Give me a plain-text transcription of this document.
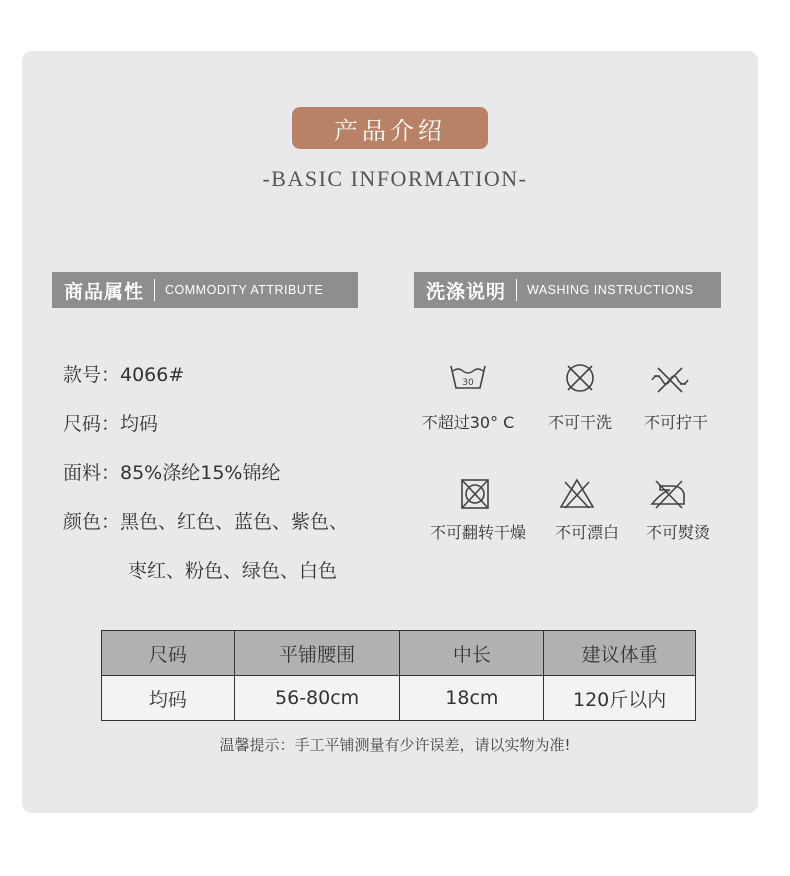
产品介绍
-BASIC INFORMATION-
商品属性 COMMODITY ATTRIBUTE	洗涤说明 WASHING INSTRUCTIONS
款号：4066#
尺码：均码
面料：85%涤纶15%锦纶
颜色：黑色、红色、蓝色、紫色、
枣红、粉色、绿色、白色
30
不超过30° C	不可干洗	不可拧干
不可翻转干燥	不可漂白	不可熨烫
尺码	平铺腰围	中长	建议体重
均码	56-80cm	18cm	120斤以内
温馨提示：手工平铺测量有少许误差，请以实物为准!
